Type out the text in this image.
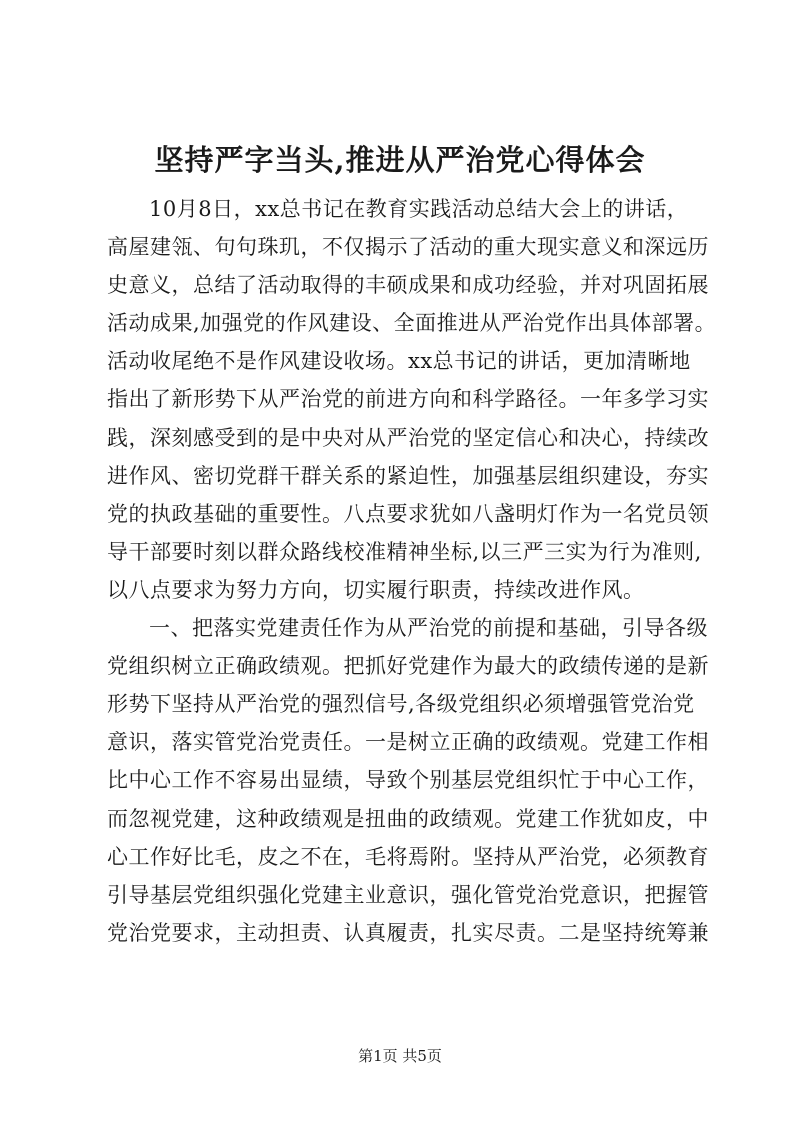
坚持严字当头,推进从严治党心得体会
10月8日，xx总书记在教育实践活动总结大会上的讲话，
高屋建瓴、句句珠玑，不仅揭示了活动的重大现实意义和深远历
史意义，总结了活动取得的丰硕成果和成功经验，并对巩固拓展
活动成果,加强党的作风建设、全面推进从严治党作出具体部署。
活动收尾绝不是作风建设收场。xx总书记的讲话，更加清晰地
指出了新形势下从严治党的前进方向和科学路径。一年多学习实
践，深刻感受到的是中央对从严治党的坚定信心和决心，持续改
进作风、密切党群干群关系的紧迫性，加强基层组织建设，夯实
党的执政基础的重要性。八点要求犹如八盏明灯作为一名党员领
导干部要时刻以群众路线校准精神坐标,以三严三实为行为准则,
以八点要求为努力方向，切实履行职责，持续改进作风。
一、把落实党建责任作为从严治党的前提和基础，引导各级
党组织树立正确政绩观。把抓好党建作为最大的政绩传递的是新
形势下坚持从严治党的强烈信号,各级党组织必须增强管党治党
意识，落实管党治党责任。一是树立正确的政绩观。党建工作相
比中心工作不容易出显绩，导致个别基层党组织忙于中心工作，
而忽视党建，这种政绩观是扭曲的政绩观。党建工作犹如皮，中
心工作好比毛，皮之不在，毛将焉附。坚持从严治党，必须教育
引导基层党组织强化党建主业意识，强化管党治党意识，把握管
党治党要求，主动担责、认真履责，扎实尽责。二是坚持统筹兼
第1页 共5页
